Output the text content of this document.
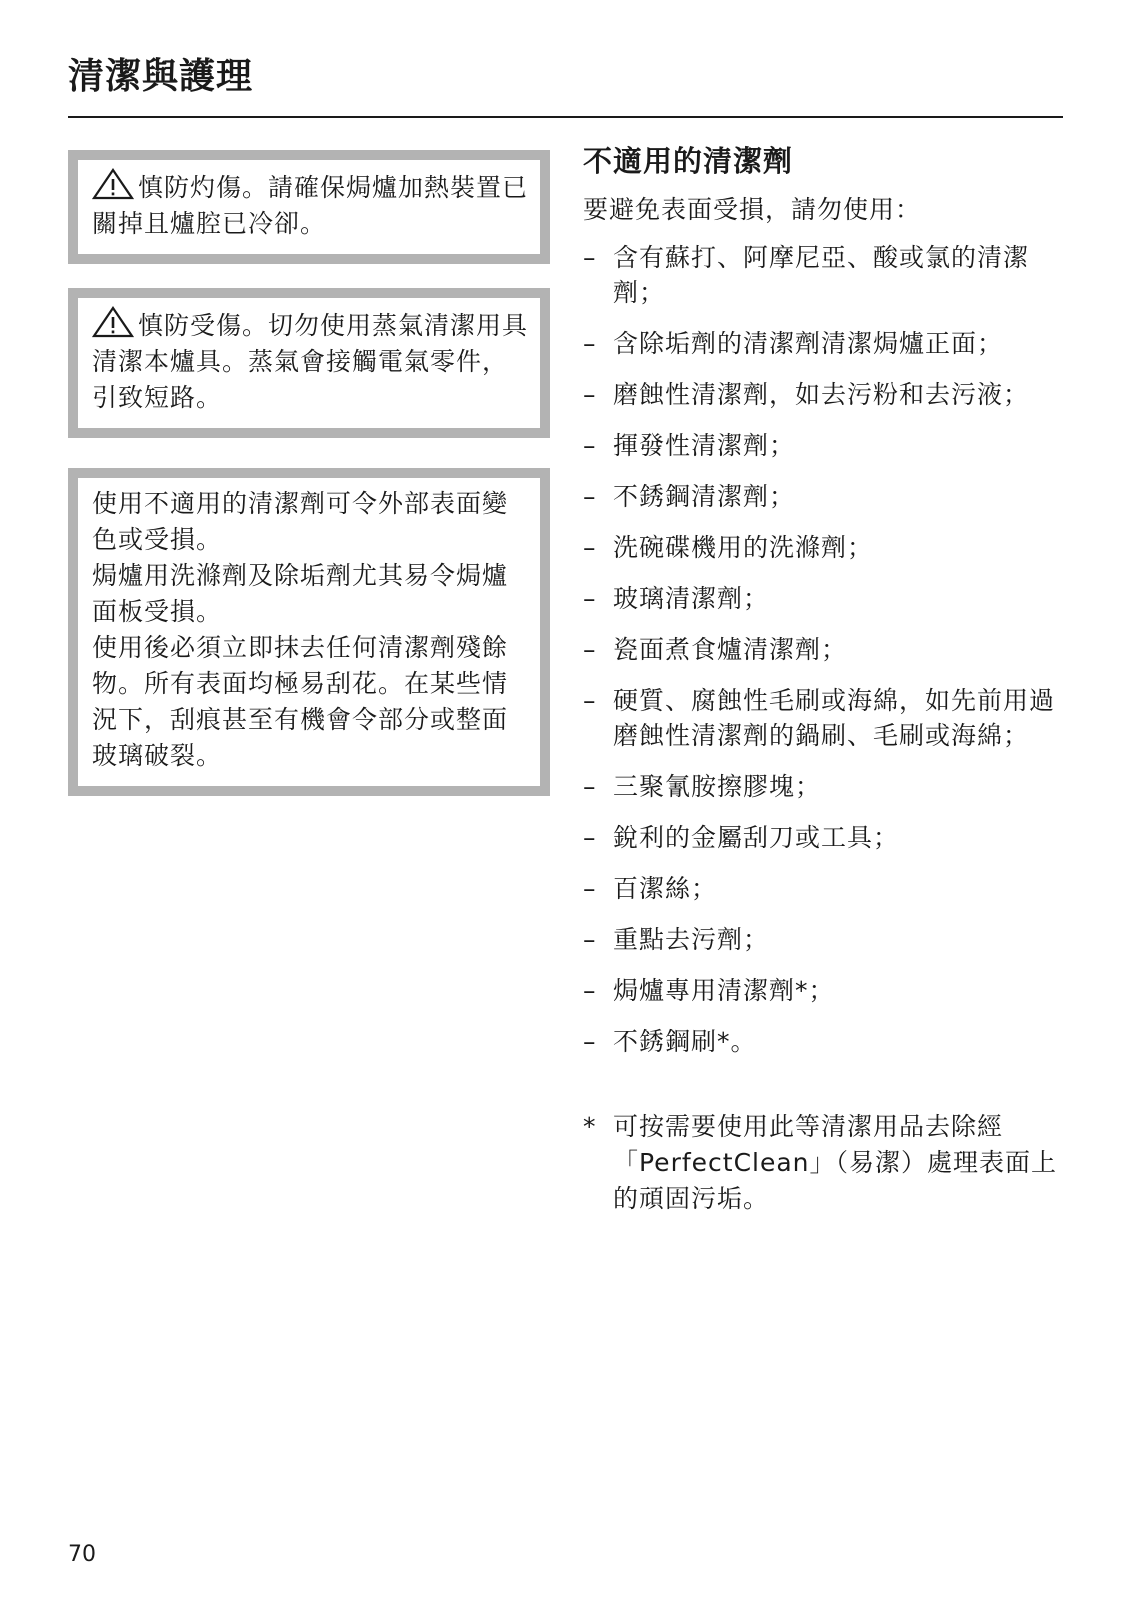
清潔與護理
慎防灼傷。請確保焗爐加熱裝置已關掉且爐腔已冷卻。
慎防受傷。切勿使用蒸氣清潔用具清潔本爐具。蒸氣會接觸電氣零件，引致短路。
使用不適用的清潔劑可令外部表面變色或受損。
焗爐用洗滌劑及除垢劑尤其易令焗爐面板受損。
使用後必須立即抹去任何清潔劑殘餘物。所有表面均極易刮花。在某些情況下，刮痕甚至有機會令部分或整面玻璃破裂。
不適用的清潔劑

要避免表面受損，請勿使用：

– 含有蘇打、阿摩尼亞、酸或氯的清潔劑；
– 含除垢劑的清潔劑清潔焗爐正面；
– 磨蝕性清潔劑，如去污粉和去污液；
– 揮發性清潔劑；
– 不銹鋼清潔劑；
– 洗碗碟機用的洗滌劑；
– 玻璃清潔劑；
– 瓷面煮食爐清潔劑；
– 硬質、腐蝕性毛刷或海綿，如先前用過磨蝕性清潔劑的鍋刷、毛刷或海綿；
– 三聚氰胺擦膠塊；
– 銳利的金屬刮刀或工具；
– 百潔絲；
– 重點去污劑；
– 焗爐專用清潔劑*；
– 不銹鋼刷*。
* 可按需要使用此等清潔用品去除經「PerfectClean」（易潔）處理表面上的頑固污垢。
70
